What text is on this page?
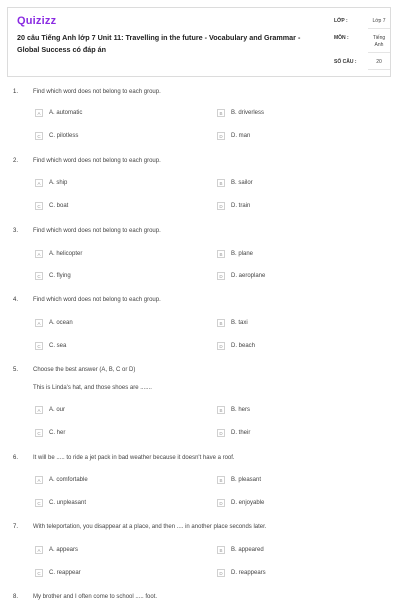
Quizizz
20 câu Tiếng Anh lớp 7 Unit 11: Travelling in the future - Vocabulary and Grammar - Global Success có đáp án
LỚP :	Lớp 7
MÔN :	Tiếng Anh
SỐ CÂU :	20
1. Find which word does not belong to each group.
A	A. automatic	B	B. driverless
C	C. pilotless	D	D. man
2. Find which word does not belong to each group.
A	A. ship	B	B. sailor
C	C. boat	D	D. train
3. Find which word does not belong to each group.
A	A. helicopter	B	B. plane
C	C. flying	D	D. aeroplane
4. Find which word does not belong to each group.
A	A. ocean	B	B. taxi
C	C. sea	D	D. beach
5. Choose the best answer (A, B, C or D)
This is Linda's hat, and those shoes are .......
A	A. our	B	B. hers
C	C. her	D	D. their
6. It will be ..... to ride a jet pack in bad weather because it doesn't have a roof.
A	A. comfortable	B	B. pleasant
C	C. unpleasant	D	D. enjoyable
7. With teleportation, you disappear at a place, and then .... in another place seconds later.
A	A. appears	B	B. appeared
C	C. reappear	D	D. reappears
8. My brother and I often come to school ..... foot.
